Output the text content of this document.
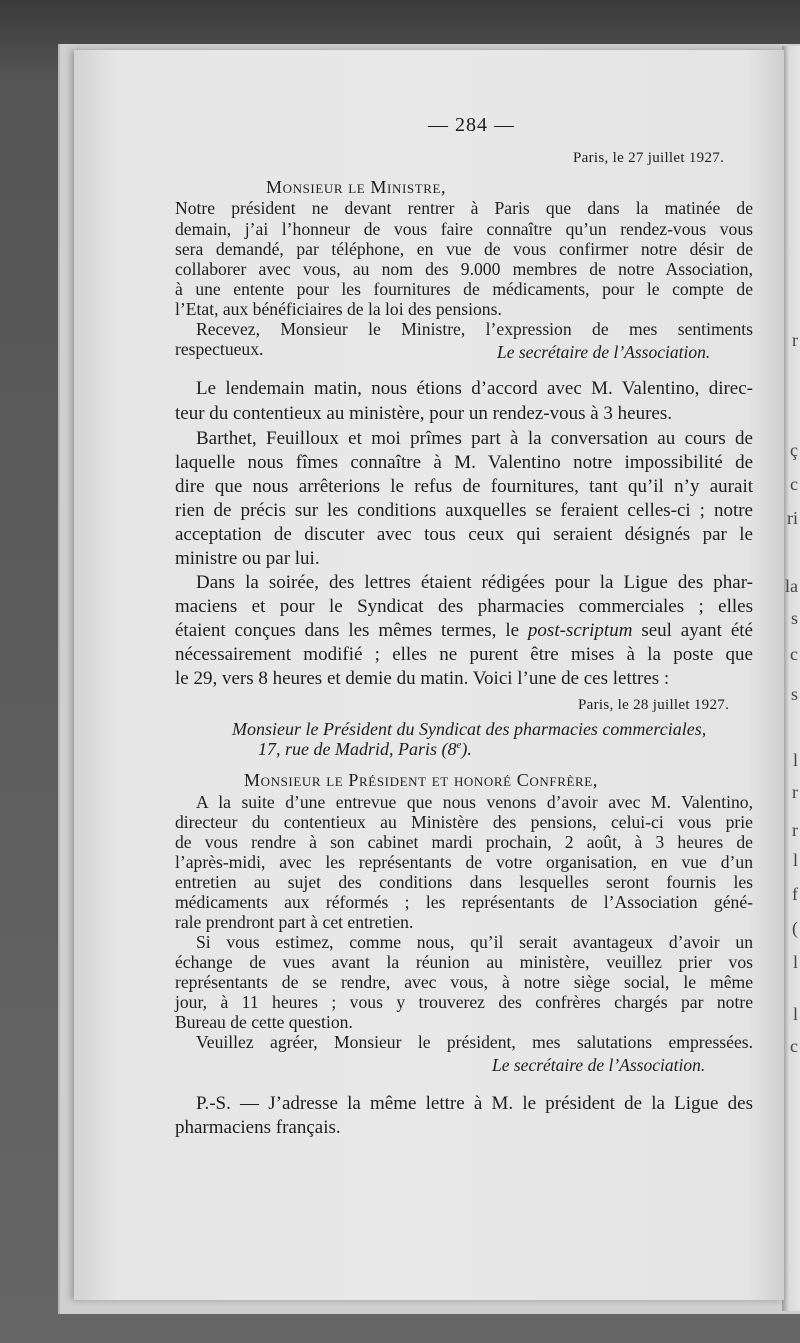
r
ç
c
ri
la
s
c
s
l
r
r
l
f
(
l
l
c
— 284 —
Paris, le 27 juillet 1927.
Monsieur le Ministre,
Notre président ne devant rentrer à Paris que dans la matinée de
demain, j’ai l’honneur de vous faire connaître qu’un rendez-vous vous
sera demandé, par téléphone, en vue de vous confirmer notre désir de
collaborer avec vous, au nom des 9.000 membres de notre Association,
à une entente pour les fournitures de médicaments, pour le compte de
l’Etat, aux bénéficiaires de la loi des pensions.
Recevez, Monsieur le Ministre, l’expression de mes sentiments
respectueux.	Le secrétaire de l’Association.
Le lendemain matin, nous étions d’accord avec M. Valentino, direc-
teur du contentieux au ministère, pour un rendez-vous à 3 heures.
Barthet, Feuilloux et moi prîmes part à la conversation au cours de
laquelle nous fîmes connaître à M. Valentino notre impossibilité de
dire que nous arrêterions le refus de fournitures, tant qu’il n’y aurait
rien de précis sur les conditions auxquelles se feraient celles-ci ; notre
acceptation de discuter avec tous ceux qui seraient désignés par le
ministre ou par lui.
Dans la soirée, des lettres étaient rédigées pour la Ligue des phar-
maciens et pour le Syndicat des pharmacies commerciales ; elles
étaient conçues dans les mêmes termes, le post-scriptum seul ayant été
nécessairement modifié ; elles ne purent être mises à la poste que
le 29, vers 8 heures et demie du matin. Voici l’une de ces lettres :
Paris, le 28 juillet 1927.
Monsieur le Président du Syndicat des pharmacies commerciales,
17, rue de Madrid, Paris (8e).
Monsieur le Président et honoré Confrère,
A la suite d’une entrevue que nous venons d’avoir avec M. Valentino,
directeur du contentieux au Ministère des pensions, celui-ci vous prie
de vous rendre à son cabinet mardi prochain, 2 août, à 3 heures de
l’après-midi, avec les représentants de votre organisation, en vue d’un
entretien au sujet des conditions dans lesquelles seront fournis les
médicaments aux réformés ; les représentants de l’Association géné-
rale prendront part à cet entretien.
Si vous estimez, comme nous, qu’il serait avantageux d’avoir un
échange de vues avant la réunion au ministère, veuillez prier vos
représentants de se rendre, avec vous, à notre siège social, le même
jour, à 11 heures ; vous y trouverez des confrères chargés par notre
Bureau de cette question.
Veuillez agréer, Monsieur le président, mes salutations empressées.
Le secrétaire de l’Association.
P.-S. — J’adresse la même lettre à M. le président de la Ligue des
pharmaciens français.
